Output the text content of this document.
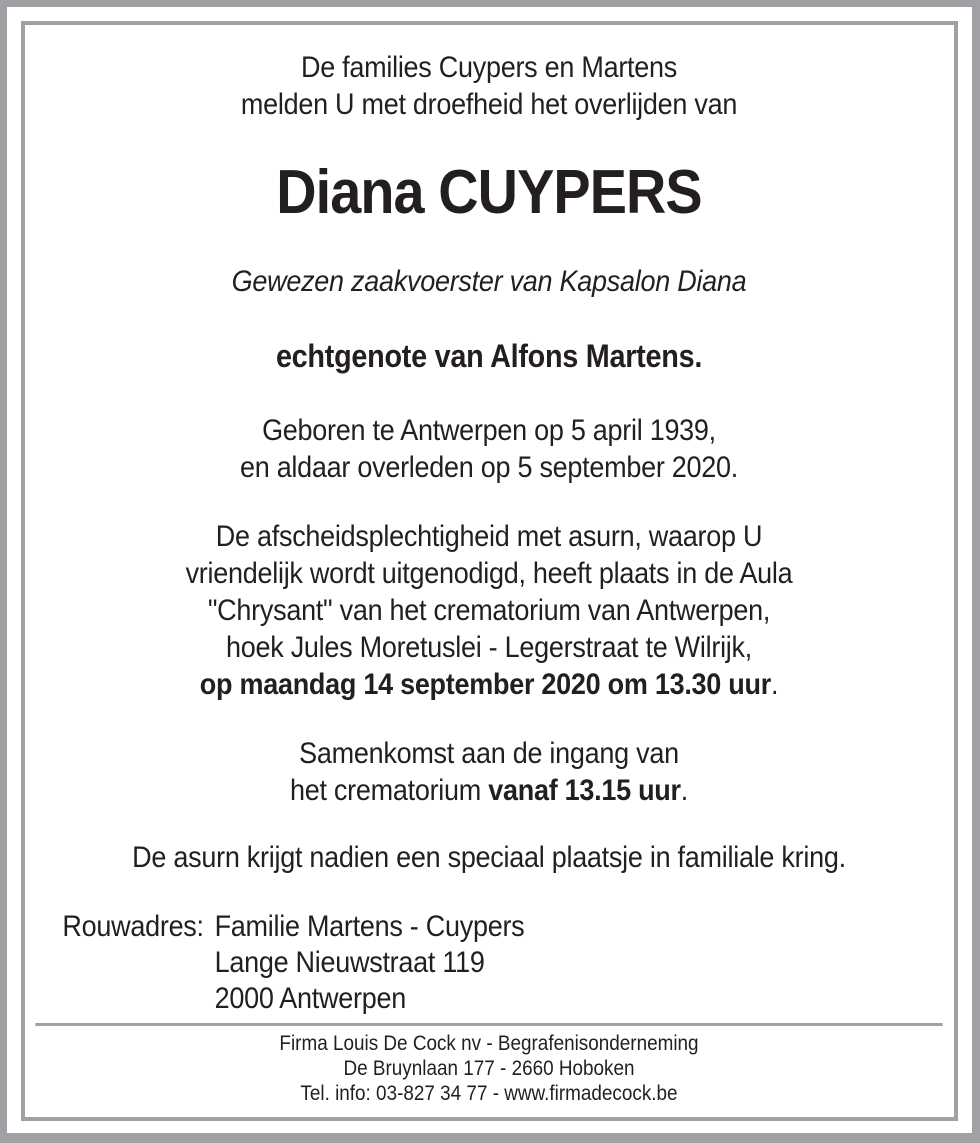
De families Cuypers en Martens
melden U met droefheid het overlijden van
Diana CUYPERS
Gewezen zaakvoerster van Kapsalon Diana
echtgenote van Alfons Martens.
Geboren te Antwerpen op 5 april 1939,
en aldaar overleden op 5 september 2020.
De afscheidsplechtigheid met asurn, waarop U
vriendelijk wordt uitgenodigd, heeft plaats in de Aula
"Chrysant" van het crematorium van Antwerpen,
hoek Jules Moretuslei - Legerstraat te Wilrijk,
op maandag 14 september 2020 om 13.30 uur.
Samenkomst aan de ingang van
het crematorium vanaf 13.15 uur.
De asurn krijgt nadien een speciaal plaatsje in familiale kring.
Rouwadres: Familie Martens - Cuypers
Lange Nieuwstraat 119
2000 Antwerpen
Firma Louis De Cock nv - Begrafenisonderneming
De Bruynlaan 177 - 2660 Hoboken
Tel. info: 03-827 34 77 - www.firmadecock.be
